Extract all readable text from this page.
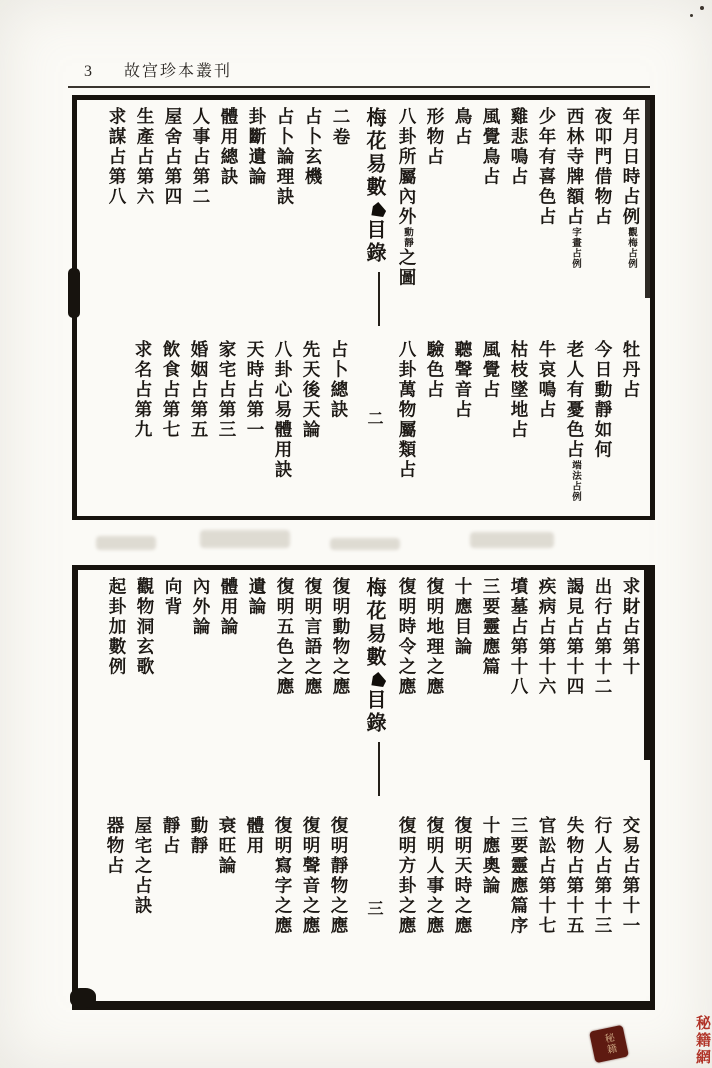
3 故宫珍本叢刊
年月日時占例觀梅占例
夜叩門借物占
西林寺牌額占字畫占例
少年有喜色占
雞悲鳴占
風覺鳥占
鳥占
形物占
八卦所屬內外動靜之圖
梅花易數目錄
二卷
占卜玄機
占卜論理訣
卦斷遺論
體用總訣
人事占第二
屋舍占第四
生產占第六
求謀占第八
牡丹占
今日動靜如何
老人有憂色占端法占例
牛哀鳴占
枯枝墜地占
風覺占
聽聲音占
驗色占
八卦萬物屬類占
二
占卜總訣
先天後天論
八卦心易體用訣
天時占第一
家宅占第三
婚姻占第五
飲食占第七
求名占第九
求財占第十
出行占第十二
謁見占第十四
疾病占第十六
墳墓占第十八
三要靈應篇
十應目論
復明地理之應
復明時令之應
梅花易數目錄
復明動物之應
復明言語之應
復明五色之應
遺論
體用論
內外論
向背
觀物洞玄歌
起卦加數例
交易占第十一
行人占第十三
失物占第十五
官訟占第十七
三要靈應篇序
十應奧論
復明天時之應
復明人事之應
復明方卦之應
三
復明靜物之應
復明聲音之應
復明寫字之應
體用
衰旺論
動靜
靜占
屋宅之占訣
器物占
秘籍	秘籍網
